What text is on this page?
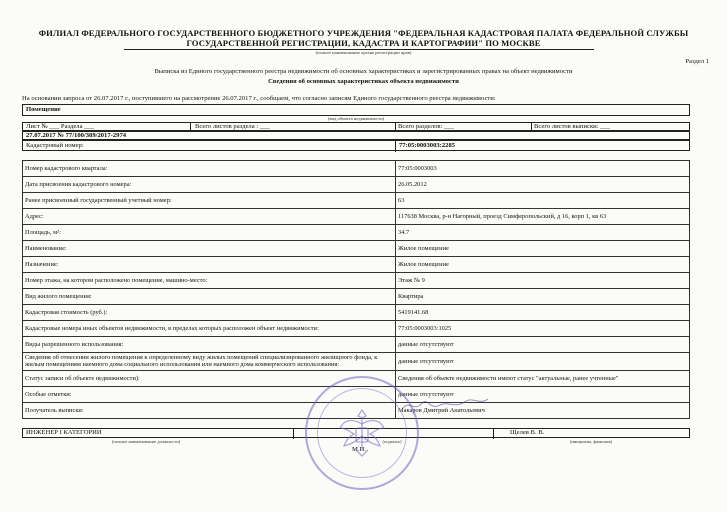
ФИЛИАЛ ФЕДЕРАЛЬНОГО ГОСУДАРСТВЕННОГО БЮДЖЕТНОГО УЧРЕЖДЕНИЯ "ФЕДЕРАЛЬНАЯ КАДАСТРОВАЯ ПАЛАТА ФЕДЕРАЛЬНОЙ СЛУЖБЫ
ГОСУДАРСТВЕННОЙ РЕГИСТРАЦИИ, КАДАСТРА И КАРТОГРАФИИ" ПО МОСКВЕ
(полное наименование органа регистрации прав)
Раздел 1
Выписка из Единого государственного реестра недвижимости об основных характеристиках и зарегистрированных правах на объект недвижимости
Сведения об основных характеристиках объекта недвижимости
На основании запроса от 26.07.2017 г., поступившего на рассмотрение 26.07.2017 г., сообщаем, что согласно записям Единого государственного реестра недвижимости:
Помещение
(вид объекта недвижимости)
Лист № ___ Раздела ___	Всего листов раздела : ___	Всего разделов: ___	Всего листов выписки: ___
27.07.2017 № 77/100/389/2017-2974
Кадастровый номер:	77:05:0003003:2285
Номер кадастрового квартала:	77:05:0003003
Дата присвоения кадастрового номера:	26.05.2012
Ранее присвоенный государственный учетный номер:	63
Адрес:	117638 Москва, р-н Нагорный, проезд Симферопольский, д 16, корп 1, кв 63
Площадь, м²:	34.7
Наименование:	Жилое помещение
Назначение:	Жилое помещение
Номер этажа, на котором расположено помещение, машино-место:	Этаж № 9
Вид жилого помещения:	Квартира
Кадастровая стоимость (руб.):	5419141.68
Кадастровые номера иных объектов недвижимости, в пределах которых расположен объект недвижимости:	77:05:0003003:1025
Виды разрешенного использования:	данные отсутствуют
Сведения об отнесении жилого помещения к определенному виду жилых помещений специализированного жилищного фонда, к жилым помещениям наемного дома социального использования или наемного дома коммерческого использования:	данные отсутствуют
Статус записи об объекте недвижимости):	Сведения об объекте недвижимости имеют статус "актуальные, ранее учтенные"
Особые отметки:	данные отсутствуют
Получатель выписки:	Макаров Дмитрий Анатольевич
ИНЖЕНЕР I КАТЕГОРИИ	Щелев В. В.
(полное наименование должности)	(подпись)	(инициалы, фамилия)
М.П.
